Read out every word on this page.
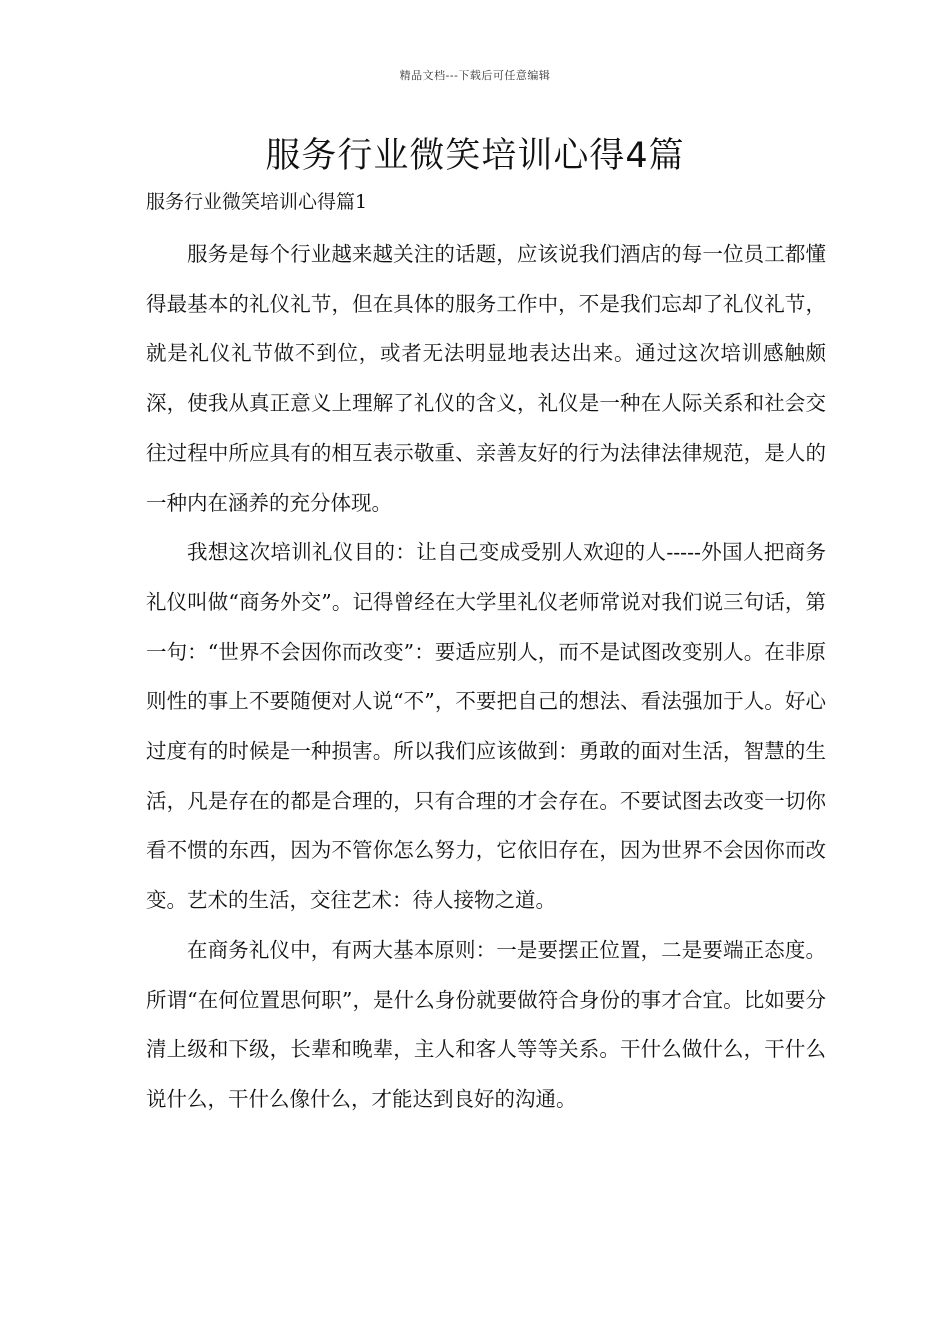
精品文档---下载后可任意编辑
服务行业微笑培训心得4篇
服务行业微笑培训心得篇1

服务是每个行业越来越关注的话题，应该说我们酒店的每一位员工都懂得最基本的礼仪礼节，但在具体的服务工作中，不是我们忘却了礼仪礼节，就是礼仪礼节做不到位，或者无法明显地表达出来。通过这次培训感触颇深，使我从真正意义上理解了礼仪的含义，礼仪是一种在人际关系和社会交往过程中所应具有的相互表示敬重、亲善友好的行为法律法律规范，是人的一种内在涵养的充分体现。

我想这次培训礼仪目的：让自己变成受别人欢迎的人-----外国人把商务礼仪叫做“商务外交”。记得曾经在大学里礼仪老师常说对我们说三句话，第一句：“世界不会因你而改变”：要适应别人，而不是试图改变别人。在非原则性的事上不要随便对人说“不”，不要把自己的想法、看法强加于人。好心过度有的时候是一种损害。所以我们应该做到：勇敢的面对生活，智慧的生活，凡是存在的都是合理的，只有合理的才会存在。不要试图去改变一切你看不惯的东西，因为不管你怎么努力，它依旧存在，因为世界不会因你而改变。艺术的生活，交往艺术：待人接物之道。

在商务礼仪中，有两大基本原则：一是要摆正位置，二是要端正态度。所谓“在何位置思何职”，是什么身份就要做符合身份的事才合宜。比如要分清上级和下级，长辈和晚辈，主人和客人等等关系。干什么做什么，干什么说什么，干什么像什么，才能达到良好的沟通。
